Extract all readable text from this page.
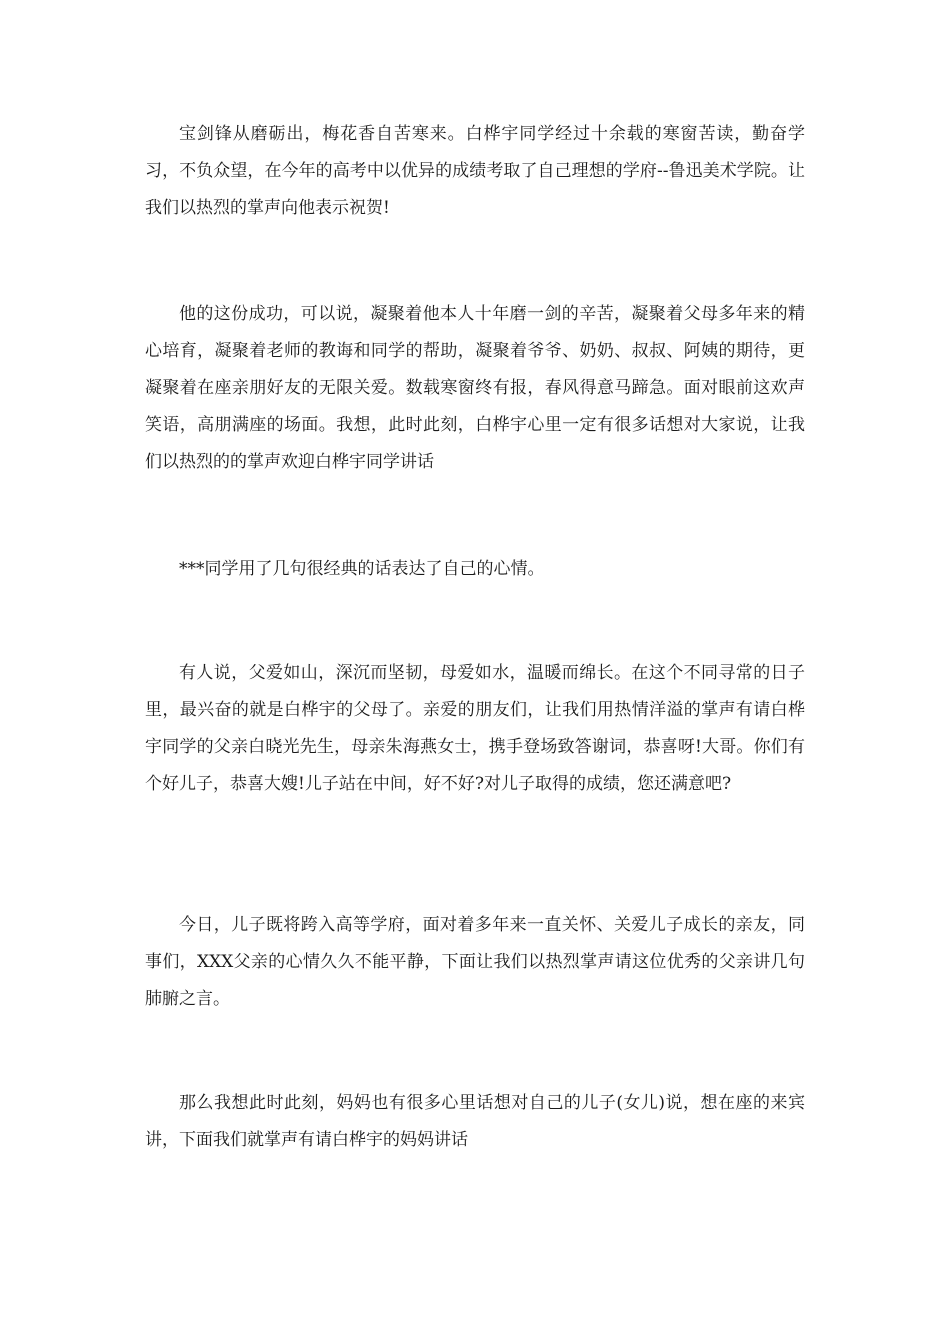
宝剑锋从磨砺出，梅花香自苦寒来。白桦宇同学经过十余载的寒窗苦读，勤奋学习，不负众望，在今年的高考中以优异的成绩考取了自己理想的学府--鲁迅美术学院。让我们以热烈的掌声向他表示祝贺!

他的这份成功，可以说，凝聚着他本人十年磨一剑的辛苦，凝聚着父母多年来的精心培育，凝聚着老师的教诲和同学的帮助，凝聚着爷爷、奶奶、叔叔、阿姨的期待，更凝聚着在座亲朋好友的无限关爱。数载寒窗终有报，春风得意马蹄急。面对眼前这欢声笑语，高朋满座的场面。我想，此时此刻，白桦宇心里一定有很多话想对大家说，让我们以热烈的的掌声欢迎白桦宇同学讲话

***同学用了几句很经典的话表达了自己的心情。

有人说，父爱如山，深沉而坚韧，母爱如水，温暖而绵长。在这个不同寻常的日子里，最兴奋的就是白桦宇的父母了。亲爱的朋友们，让我们用热情洋溢的掌声有请白桦宇同学的父亲白晓光先生，母亲朱海燕女士，携手登场致答谢词，恭喜呀!大哥。你们有个好儿子，恭喜大嫂!儿子站在中间，好不好?对儿子取得的成绩，您还满意吧?

今日，儿子既将跨入高等学府，面对着多年来一直关怀、关爱儿子成长的亲友，同事们，XXX父亲的心情久久不能平静，下面让我们以热烈掌声请这位优秀的父亲讲几句肺腑之言。

那么我想此时此刻，妈妈也有很多心里话想对自己的儿子(女儿)说，想在座的来宾讲，下面我们就掌声有请白桦宇的妈妈讲话
